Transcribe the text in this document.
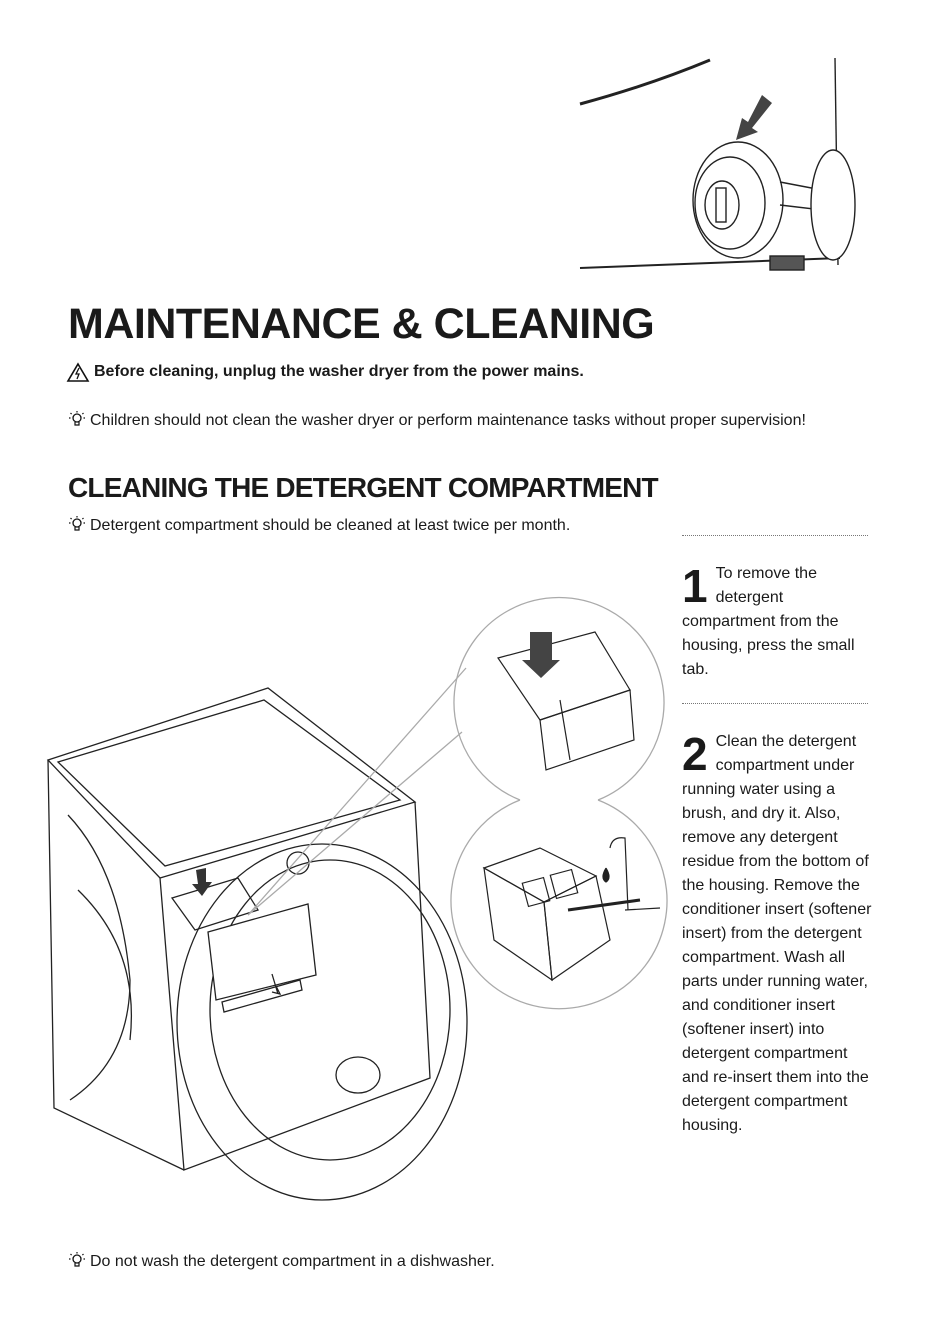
MAINTENANCE & CLEANING
Before cleaning, unplug the washer dryer from the power mains.
Children should not clean the washer dryer or perform maintenance tasks without proper supervision!
CLEANING THE DETERGENT COMPARTMENT
Detergent compartment should be cleaned at least twice per month.
1 To remove the detergent compartment from the housing, press the small tab.
2 Clean the detergent compartment under running water using a brush, and dry it. Also, remove any detergent residue from the bottom of the housing. Remove the conditioner insert (softener insert) from the detergent compartment. Wash all parts under running water, and conditioner insert (softener insert) into detergent compartment and re-insert them into the detergent compartment housing.
Do not wash the detergent compartment in a dishwasher.
